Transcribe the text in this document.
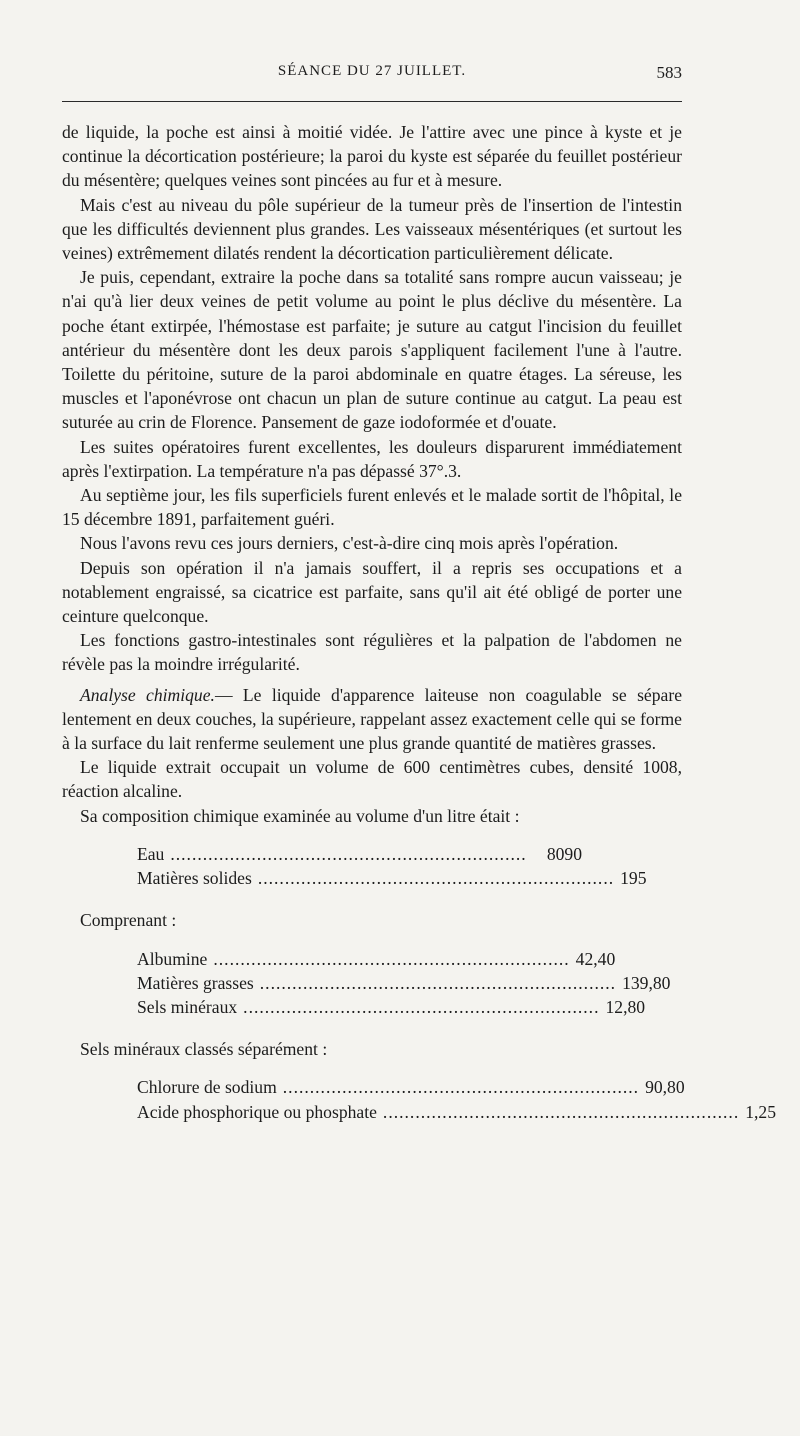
SÉANCE DU 27 JUILLET.	583

de liquide, la poche est ainsi à moitié vidée. Je l'attire avec une pince à kyste et je continue la décortication postérieure; la paroi du kyste est séparée du feuillet postérieur du mésentère; quelques veines sont pincées au fur et à mesure.

Mais c'est au niveau du pôle supérieur de la tumeur près de l'insertion de l'intestin que les difficultés deviennent plus grandes. Les vaisseaux mésentériques (et surtout les veines) extrêmement dilatés rendent la décortication particulièrement délicate.

Je puis, cependant, extraire la poche dans sa totalité sans rompre aucun vaisseau; je n'ai qu'à lier deux veines de petit volume au point le plus déclive du mésentère. La poche étant extirpée, l'hémostase est parfaite; je suture au catgut l'incision du feuillet antérieur du mésentère dont les deux parois s'appliquent facilement l'une à l'autre. Toilette du péritoine, suture de la paroi abdominale en quatre étages. La séreuse, les muscles et l'aponévrose ont chacun un plan de suture continue au catgut. La peau est suturée au crin de Florence. Pansement de gaze iodoformée et d'ouate.

Les suites opératoires furent excellentes, les douleurs disparurent immédiatement après l'extirpation. La température n'a pas dépassé 37°.3.

Au septième jour, les fils superficiels furent enlevés et le malade sortit de l'hôpital, le 15 décembre 1891, parfaitement guéri.

Nous l'avons revu ces jours derniers, c'est-à-dire cinq mois après l'opération.

Depuis son opération il n'a jamais souffert, il a repris ses occupations et a notablement engraissé, sa cicatrice est parfaite, sans qu'il ait été obligé de porter une ceinture quelconque.

Les fonctions gastro-intestinales sont régulières et la palpation de l'abdomen ne révèle pas la moindre irrégularité.

Analyse chimique.— Le liquide d'apparence laiteuse non coagulable se sépare lentement en deux couches, la supérieure, rappelant assez exactement celle qui se forme à la surface du lait renferme seulement une plus grande quantité de matières grasses.

Le liquide extrait occupait un volume de 600 centimètres cubes, densité 1008, réaction alcaline.

Sa composition chimique examinée au volume d'un litre était :

Eau ..................................................................	8090
Matières solides .................................................................. 195
Comprenant :
Albumine .................................................................. 42,40
Matières grasses .................................................................. 139,80
Sels minéraux .................................................................. 12,80
Sels minéraux classés séparément :
Chlorure de sodium .................................................................. 90,80
Acide phosphorique ou phosphate .................................................................. 1,25
